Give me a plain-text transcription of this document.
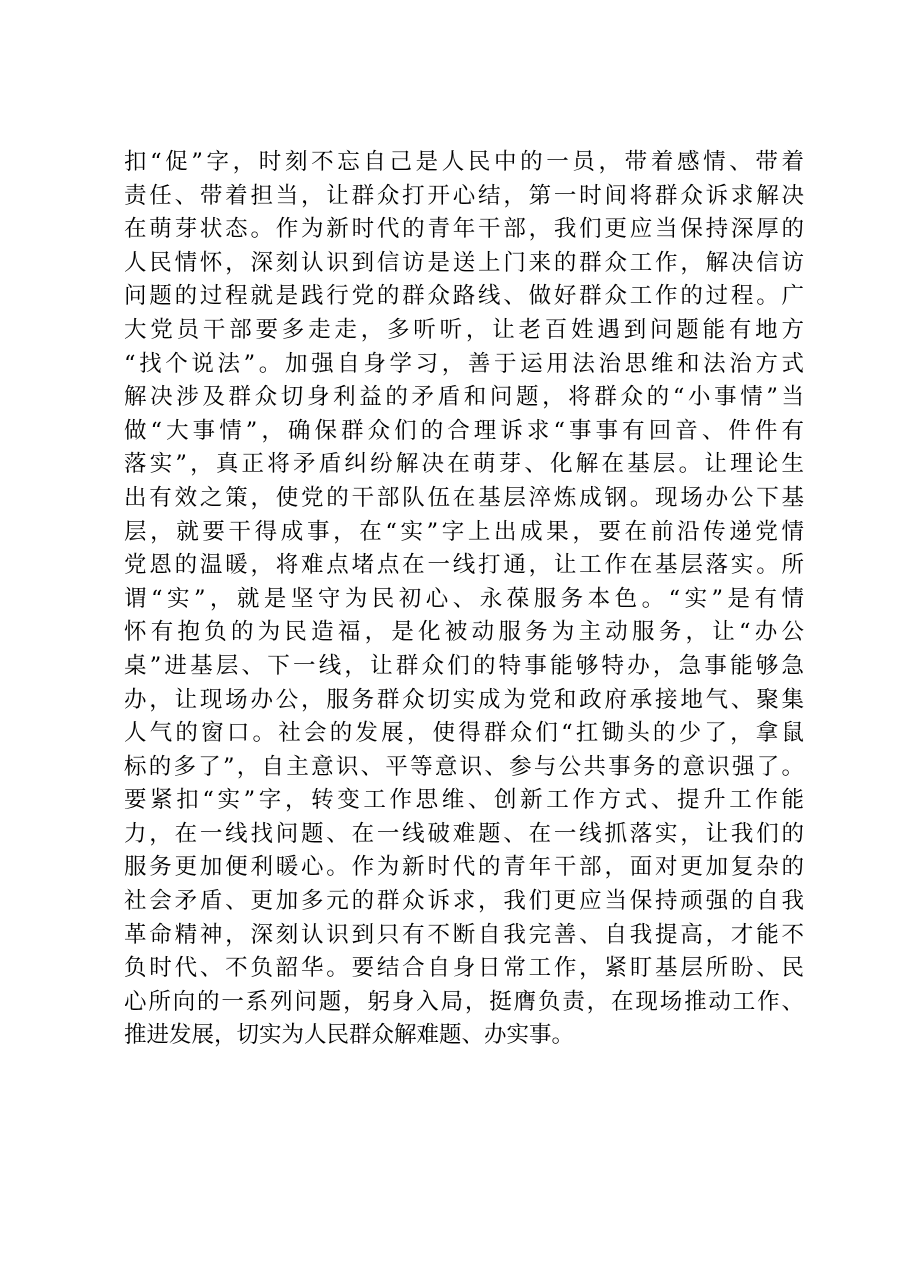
扣“促”字，时刻不忘自己是人民中的一员，带着感情、带着
责任、带着担当，让群众打开心结，第一时间将群众诉求解决
在萌芽状态。作为新时代的青年干部，我们更应当保持深厚的
人民情怀，深刻认识到信访是送上门来的群众工作，解决信访
问题的过程就是践行党的群众路线、做好群众工作的过程。广
大党员干部要多走走，多听听，让老百姓遇到问题能有地方
“找个说法”。加强自身学习，善于运用法治思维和法治方式
解决涉及群众切身利益的矛盾和问题，将群众的“小事情”当
做“大事情”，确保群众们的合理诉求“事事有回音、件件有
落实”，真正将矛盾纠纷解决在萌芽、化解在基层。让理论生
出有效之策，使党的干部队伍在基层淬炼成钢。现场办公下基
层，就要干得成事，在“实”字上出成果，要在前沿传递党情
党恩的温暖，将难点堵点在一线打通，让工作在基层落实。所
谓“实”，就是坚守为民初心、永葆服务本色。“实”是有情
怀有抱负的为民造福，是化被动服务为主动服务，让“办公
桌”进基层、下一线，让群众们的特事能够特办，急事能够急
办，让现场办公，服务群众切实成为党和政府承接地气、聚集
人气的窗口。社会的发展，使得群众们“扛锄头的少了，拿鼠
标的多了”，自主意识、平等意识、参与公共事务的意识强了。
要紧扣“实”字，转变工作思维、创新工作方式、提升工作能
力，在一线找问题、在一线破难题、在一线抓落实，让我们的
服务更加便利暖心。作为新时代的青年干部，面对更加复杂的
社会矛盾、更加多元的群众诉求，我们更应当保持顽强的自我
革命精神，深刻认识到只有不断自我完善、自我提高，才能不
负时代、不负韶华。要结合自身日常工作，紧盯基层所盼、民
心所向的一系列问题，躬身入局，挺膺负责，在现场推动工作、
推进发展，切实为人民群众解难题、办实事。
